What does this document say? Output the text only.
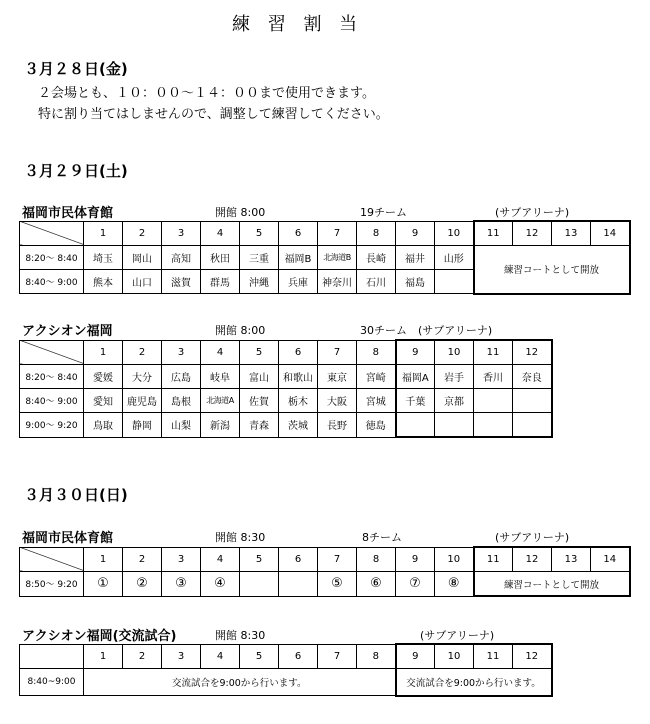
練 習 割 当
３月２８日(金)
２会場とも、１０：００～１４：００まで使用できます。
特に割り当てはしませんので、調整して練習してください。
３月２９日(土)
福岡市民体育館	開館 8:00	19チーム	(サブアリーナ)
	1	2	3	4	5	6	7	8	9	10	11	12	13	14
8:20～ 8:40	埼玉	岡山	高知	秋田	三重	福岡B	北海道B	長崎	福井	山形	練習コートとして開放			
8:40～ 9:00	熊本	山口	滋賀	群馬	沖縄	兵庫	神奈川	石川	福島					
アクシオン福岡	開館 8:00	30チーム　(サブアリーナ)
	1	2	3	4	5	6	7	8	9	10	11	12
8:20～ 8:40	愛媛	大分	広島	岐阜	富山	和歌山	東京	宮崎	福岡A	岩手	香川	奈良
8:40～ 9:00	愛知	鹿児島	島根	北海道A	佐賀	栃木	大阪	宮城	千葉	京都		
9:00～ 9:20	鳥取	静岡	山梨	新潟	青森	茨城	長野	徳島				
３月３０日(日)
福岡市民体育館	開館 8:30	8チーム	(サブアリーナ)
	1	2	3	4	5	6	7	8	9	10	11	12	13	14
8:50～ 9:20	①	②	③	④			⑤	⑥	⑦	⑧	練習コートとして開放			
アクシオン福岡(交流試合)	開館 8:30	(サブアリーナ)
	1	2	3	4	5	6	7	8	9	10	11	12
8:40~9:00	交流試合を9:00から行います。								交流試合を9:00から行います。			
